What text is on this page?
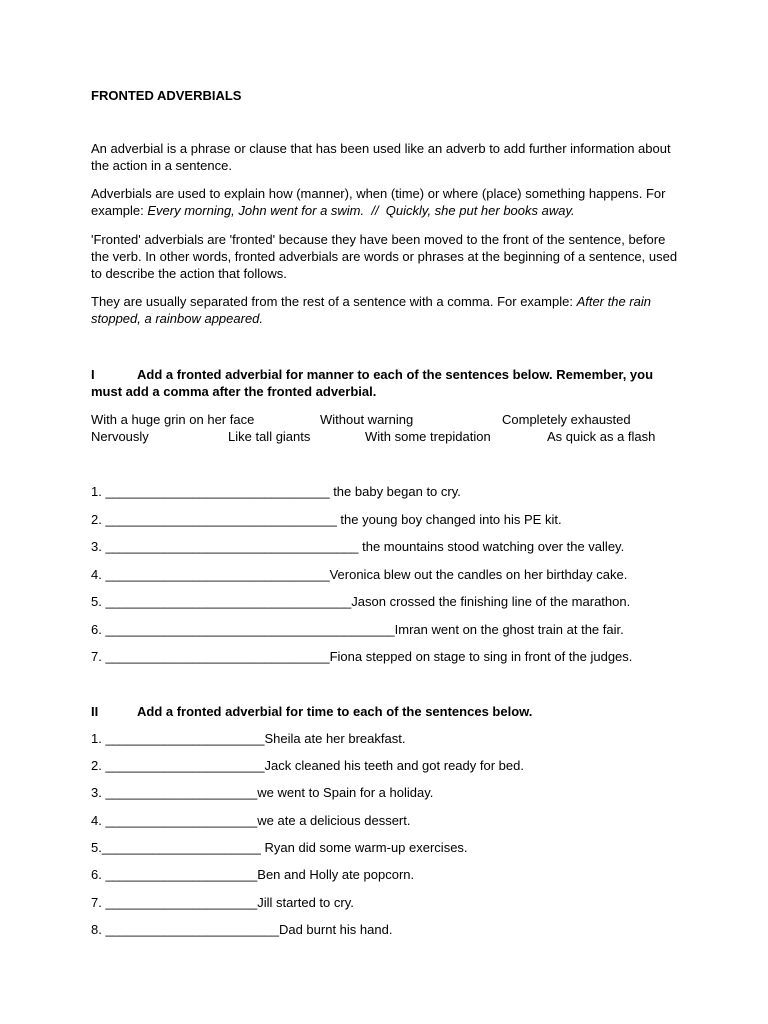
FRONTED ADVERBIALS
An adverbial is a phrase or clause that has been used like an adverb to add further information about the action in a sentence.
Adverbials are used to explain how (manner), when (time) or where (place) something happens. For example: Every morning, John went for a swim.  //  Quickly, she put her books away.
'Fronted' adverbials are 'fronted' because they have been moved to the front of the sentence, before the verb. In other words, fronted adverbials are words or phrases at the beginning of a sentence, used to describe the action that follows.
They are usually separated from the rest of a sentence with a comma. For example: After the rain stopped, a rainbow appeared.
I	Add a fronted adverbial for manner to each of the sentences below. Remember, you must add a comma after the fronted adverbial.
With a huge grin on her face	Without warning	Completely exhausted
Nervously	Like tall giants	With some trepidation	As quick as a flash
1. _______________________________ the baby began to cry.
2. ________________________________ the young boy changed into his PE kit.
3. ___________________________________ the mountains stood watching over the valley.
4. _______________________________Veronica blew out the candles on her birthday cake.
5. __________________________________Jason crossed the finishing line of the marathon.
6. ________________________________________Imran went on the ghost train at the fair.
7. _______________________________Fiona stepped on stage to sing in front of the judges.
II	Add a fronted adverbial for time to each of the sentences below.
1. ______________________Sheila ate her breakfast.
2. ______________________Jack cleaned his teeth and got ready for bed.
3. _____________________we went to Spain for a holiday.
4. _____________________we ate a delicious dessert.
5.______________________ Ryan did some warm-up exercises.
6. _____________________Ben and Holly ate popcorn.
7. _____________________Jill started to cry.
8. ________________________Dad burnt his hand.
